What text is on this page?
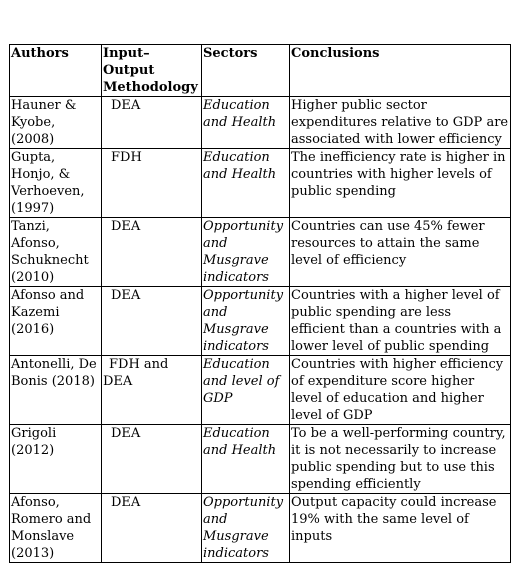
Authors	Input–Output Methodology	Sectors	Conclusions
Hauner & Kyobe, (2008)	DEA	Education and Health	Higher public sector expenditures relative to GDP are associated with lower efficiency
Gupta, Honjo, & Verhoeven, (1997)	FDH	Education and Health	The inefficiency rate is higher in countries with higher levels of public spending
Tanzi, Afonso, Schuknecht (2010)	DEA	Opportunity and Musgrave indicators	Countries can use 45% fewer resources to attain the same level of efficiency
Afonso and Kazemi (2016)	DEA	Opportunity and Musgrave indicators	Countries with a higher level of public spending are less efficient than a countries with a lower level of public spending
Antonelli, De Bonis (2018)	FDH and DEA	Education and level of GDP	Countries with higher efficiency of expenditure score higher level of education and higher level of GDP
Grigoli (2012)	DEA	Education and Health	To be a well-performing country, it is not necessarily to increase public spending but to use this spending efficiently
Afonso, Romero and Monslave (2013)	DEA	Opportunity and Musgrave indicators	Output capacity could increase 19% with the same level of inputs
